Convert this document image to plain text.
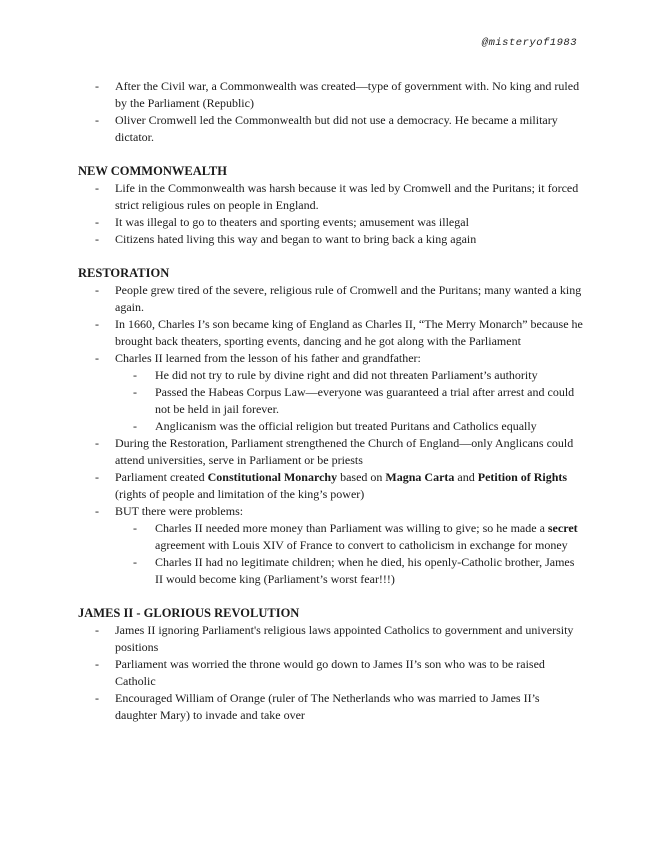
@misteryof1983
- After the Civil war, a Commonwealth was created—type of government with. No king and ruled by the Parliament (Republic)
- Oliver Cromwell led the Commonwealth but did not use a democracy. He became a military dictator.
NEW COMMONWEALTH
- Life in the Commonwealth was harsh because it was led by Cromwell and the Puritans; it forced strict religious rules on people in England.
- It was illegal to go to theaters and sporting events; amusement was illegal
- Citizens hated living this way and began to want to bring back a king again
RESTORATION
- People grew tired of the severe, religious rule of Cromwell and the Puritans; many wanted a king again.
- In 1660, Charles I’s son became king of England as Charles II, “The Merry Monarch” because he brought back theaters, sporting events, dancing and he got along with the Parliament
- Charles II learned from the lesson of his father and grandfather:
- He did not try to rule by divine right and did not threaten Parliament’s authority
- Passed the Habeas Corpus Law—everyone was guaranteed a trial after arrest and could not be held in jail forever.
- Anglicanism was the official religion but treated Puritans and Catholics equally
- During the Restoration, Parliament strengthened the Church of England—only Anglicans could attend universities, serve in Parliament or be priests
- Parliament created Constitutional Monarchy based on Magna Carta and Petition of Rights (rights of people and limitation of the king’s power)
- BUT there were problems:
- Charles II needed more money than Parliament was willing to give; so he made a secret agreement with Louis XIV of France to convert to catholicism in exchange for money
- Charles II had no legitimate children; when he died, his openly-Catholic brother, James II would become king (Parliament’s worst fear!!!)
JAMES II - GLORIOUS REVOLUTION
- James II ignoring Parliament's religious laws appointed Catholics to government and university positions
- Parliament was worried the throne would go down to James II’s son who was to be raised Catholic
- Encouraged William of Orange (ruler of The Netherlands who was married to James II’s daughter Mary) to invade and take over
